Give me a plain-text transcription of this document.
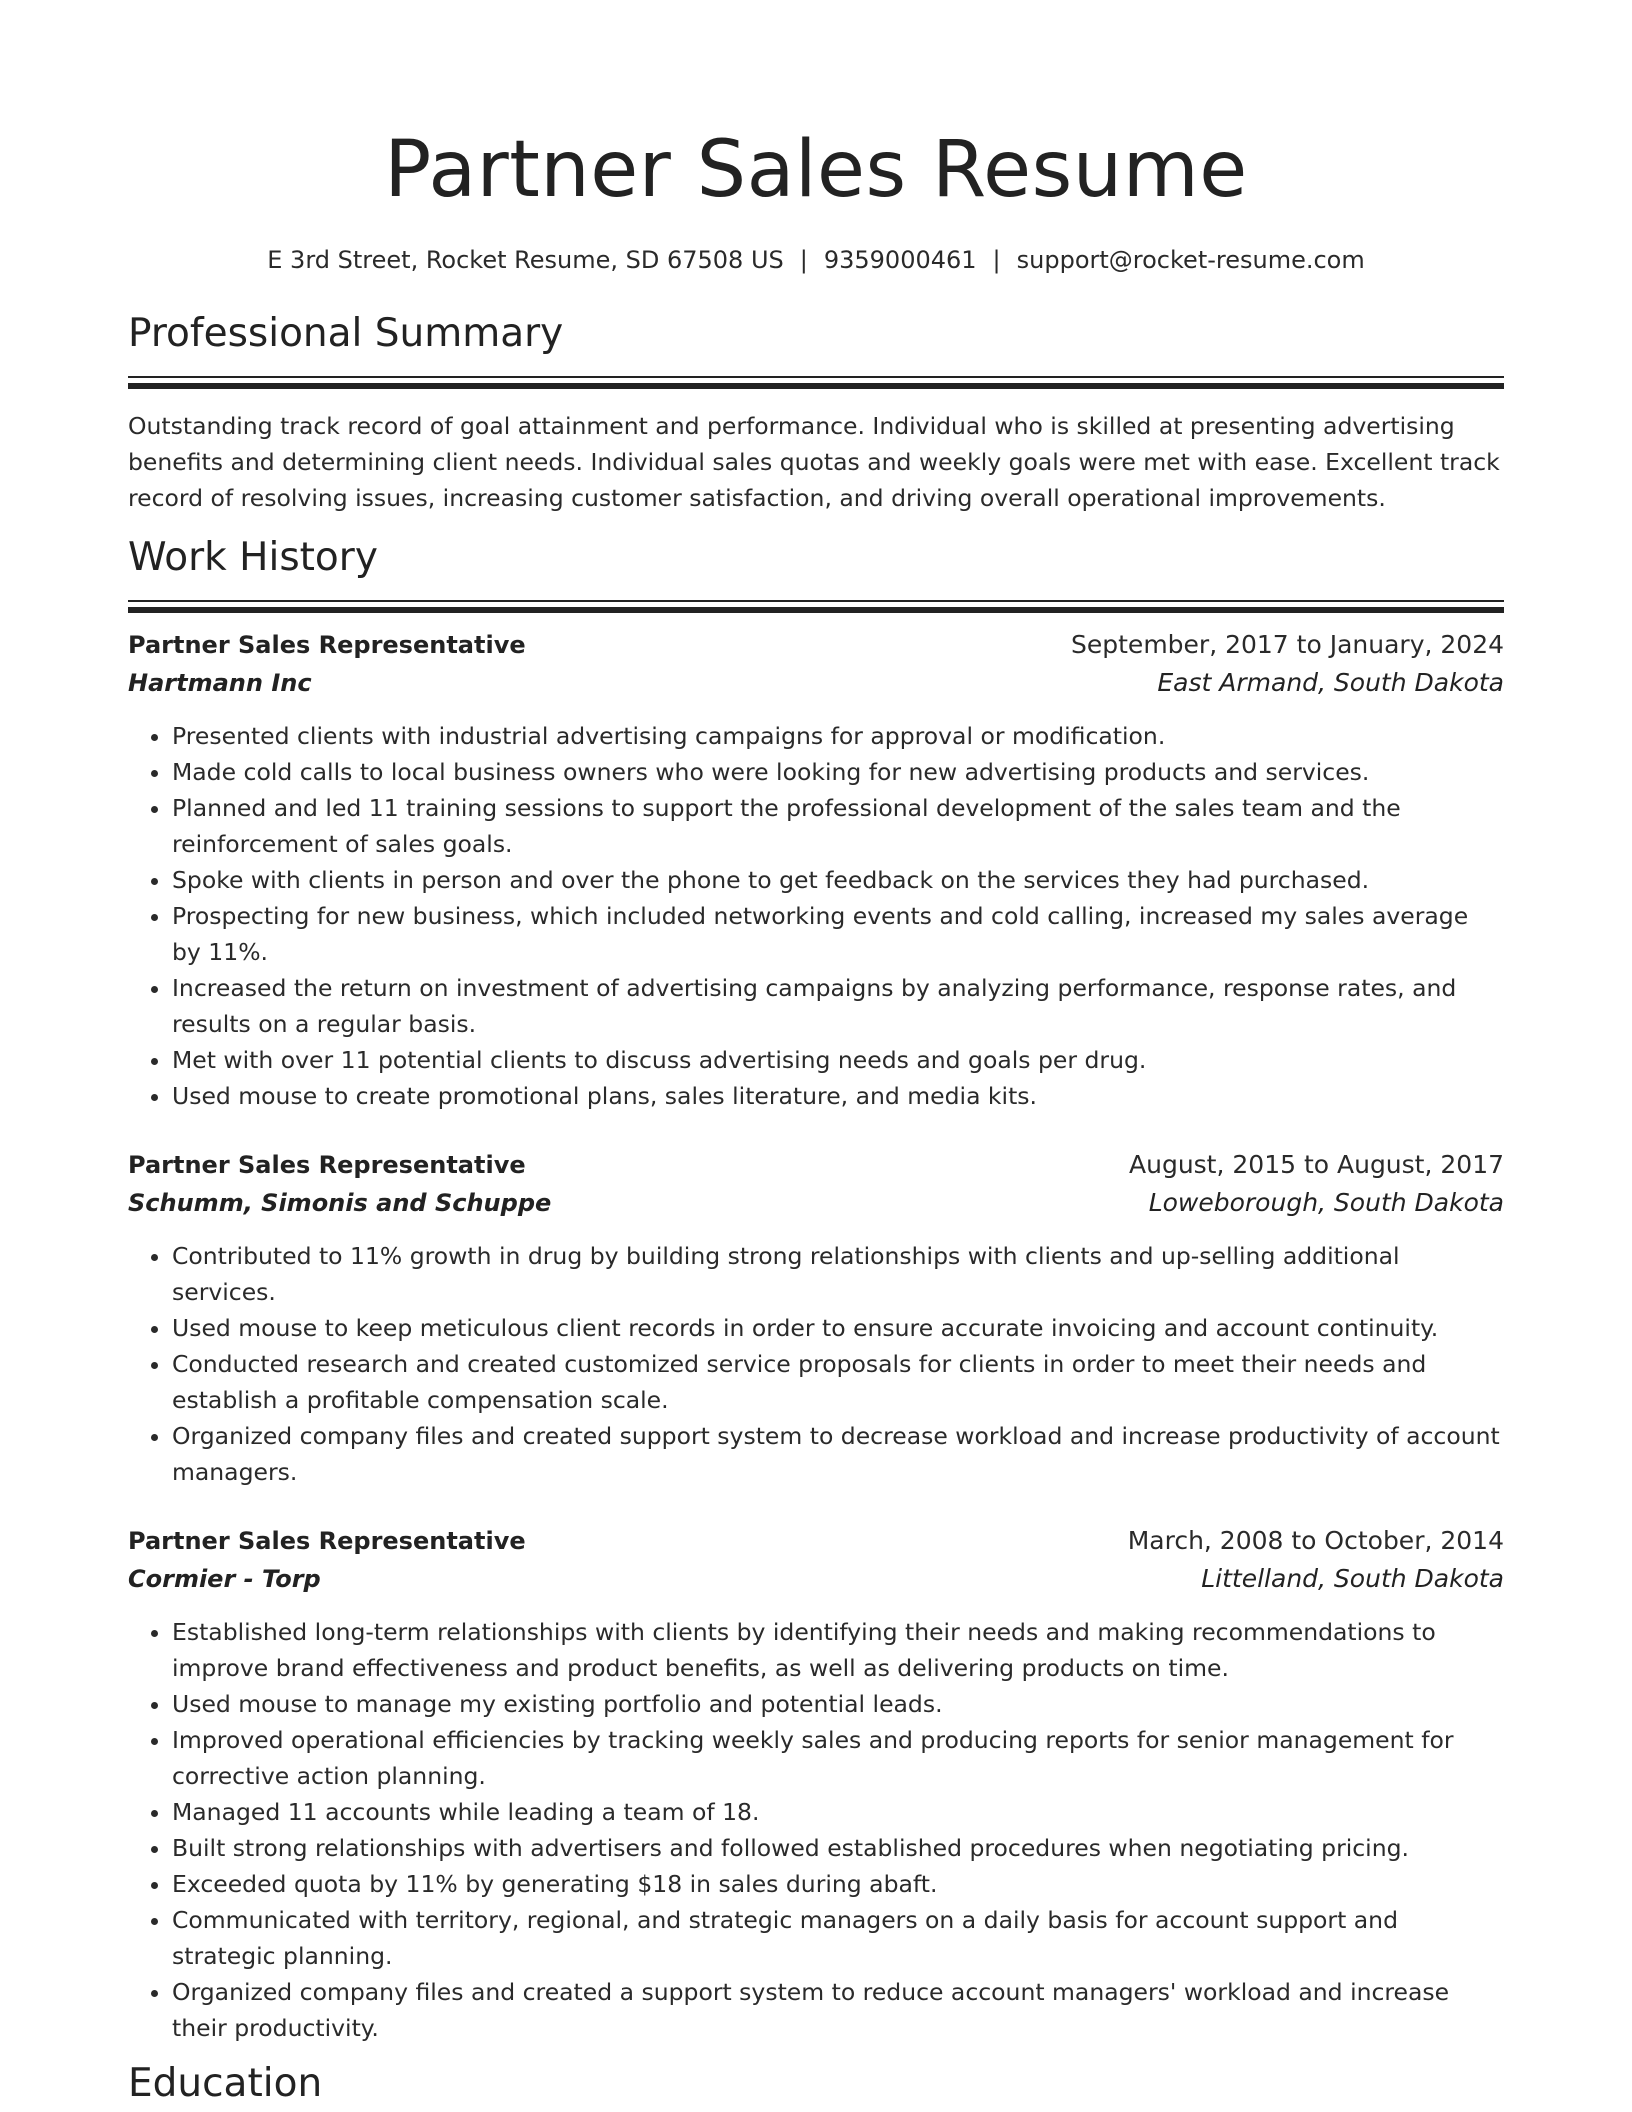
Partner Sales Resume
E 3rd Street, Rocket Resume, SD 67508 US | 9359000461 | support@rocket-resume.com
Professional Summary

Outstanding track record of goal attainment and performance. Individual who is skilled at presenting advertising benefits and determining client needs. Individual sales quotas and weekly goals were met with ease. Excellent track record of resolving issues, increasing customer satisfaction, and driving overall operational improvements.

Work History
Partner Sales Representative	September, 2017 to January, 2024
Hartmann Inc	East Armand, South Dakota
• Presented clients with industrial advertising campaigns for approval or modification.
• Made cold calls to local business owners who were looking for new advertising products and services.
• Planned and led 11 training sessions to support the professional development of the sales team and the reinforcement of sales goals.
• Spoke with clients in person and over the phone to get feedback on the services they had purchased.
• Prospecting for new business, which included networking events and cold calling, increased my sales average by 11%.
• Increased the return on investment of advertising campaigns by analyzing performance, response rates, and results on a regular basis.
• Met with over 11 potential clients to discuss advertising needs and goals per drug.
• Used mouse to create promotional plans, sales literature, and media kits.
Partner Sales Representative	August, 2015 to August, 2017
Schumm, Simonis and Schuppe	Loweborough, South Dakota
• Contributed to 11% growth in drug by building strong relationships with clients and up-selling additional services.
• Used mouse to keep meticulous client records in order to ensure accurate invoicing and account continuity.
• Conducted research and created customized service proposals for clients in order to meet their needs and establish a profitable compensation scale.
• Organized company files and created support system to decrease workload and increase productivity of account managers.
Partner Sales Representative	March, 2008 to October, 2014
Cormier - Torp	Littelland, South Dakota
• Established long-term relationships with clients by identifying their needs and making recommendations to improve brand effectiveness and product benefits, as well as delivering products on time.
• Used mouse to manage my existing portfolio and potential leads.
• Improved operational efficiencies by tracking weekly sales and producing reports for senior management for corrective action planning.
• Managed 11 accounts while leading a team of 18.
• Built strong relationships with advertisers and followed established procedures when negotiating pricing.
• Exceeded quota by 11% by generating $18 in sales during abaft.
• Communicated with territory, regional, and strategic managers on a daily basis for account support and strategic planning.
• Organized company files and created a support system to reduce account managers' workload and increase their productivity.
Education
